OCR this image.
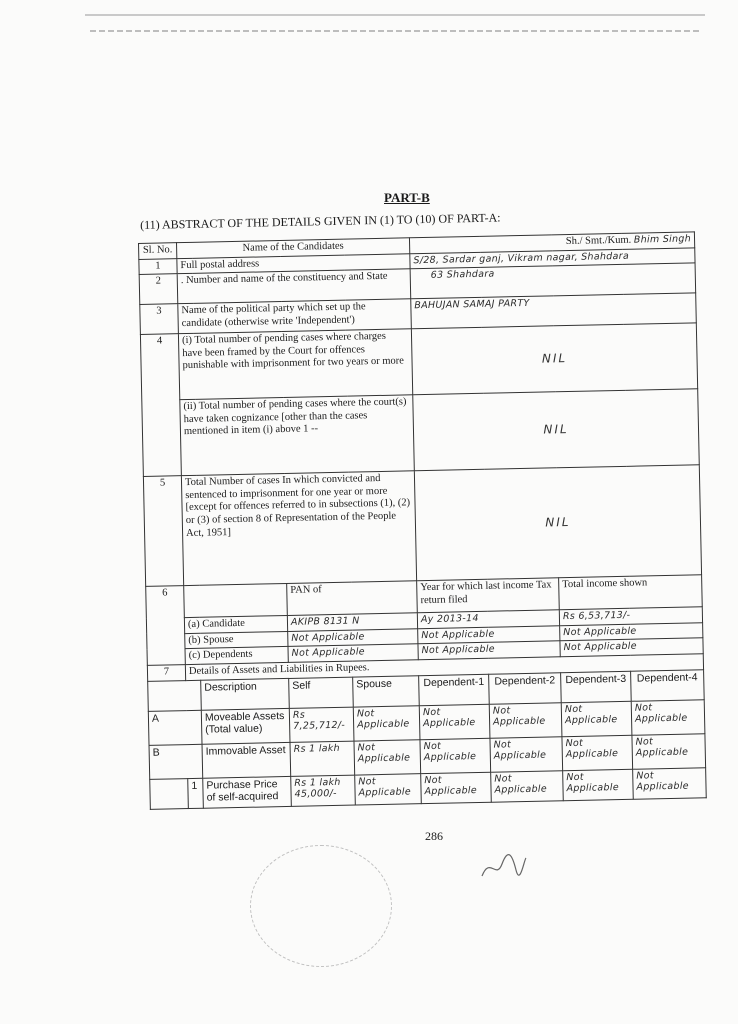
PART-B
(11) ABSTRACT OF THE DETAILS GIVEN IN (1) TO (10) OF PART-A:
Sl. No.	Name of the Candidates				Sh./ Smt./Kum. Bhim Singh			
1	Full postal address				S/28, Sardar ganj, Vikram nagar, Shahdara			
2	. Number and name of the constituency and State				63 Shahdara			
3	Name of the political party which set up the candidate (otherwise write 'Independent')				BAHUJAN SAMAJ PARTY			
4	(i) Total number of pending cases where charges have been framed by the Court for offences punishable with imprisonment for two years or more				NIL			
	(ii) Total number of pending cases where the court(s) have taken cognizance [other than the cases mentioned in item (i) above 1 --				NIL			
5	Total Number of cases In which convicted and sentenced to imprisonment for one year or more [except for offences referred to in subsections (1), (2) or (3) of section 8 of Representation of the People Act, 1951]				NIL			
6			PAN of		Year for which last income Tax return filed		Total income shown	
	(a) Candidate		AKIPB 8131 N		Ay 2013-14		Rs 6,53,713/-	
	(b) Spouse		Not Applicable		Not Applicable		Not Applicable	
	(c) Dependents		Not Applicable		Not Applicable		Not Applicable	
7	Details of Assets and Liabilities in Rupees.							
		Description	Self	Spouse	Dependent-1	Dependent-2	Dependent-3	Dependent-4
A		Moveable Assets (Total value)	Rs 7,25,712/-	Not Applicable	Not Applicable	Not Applicable	Not Applicable	Not Applicable
B		Immovable Asset	Rs 1 lakh	Not Applicable	Not Applicable	Not Applicable	Not Applicable	Not Applicable
	1	Purchase Price of self-acquired	Rs 1 lakh 45,000/-	Not Applicable	Not Applicable	Not Applicable	Not Applicable	Not Applicable
286
